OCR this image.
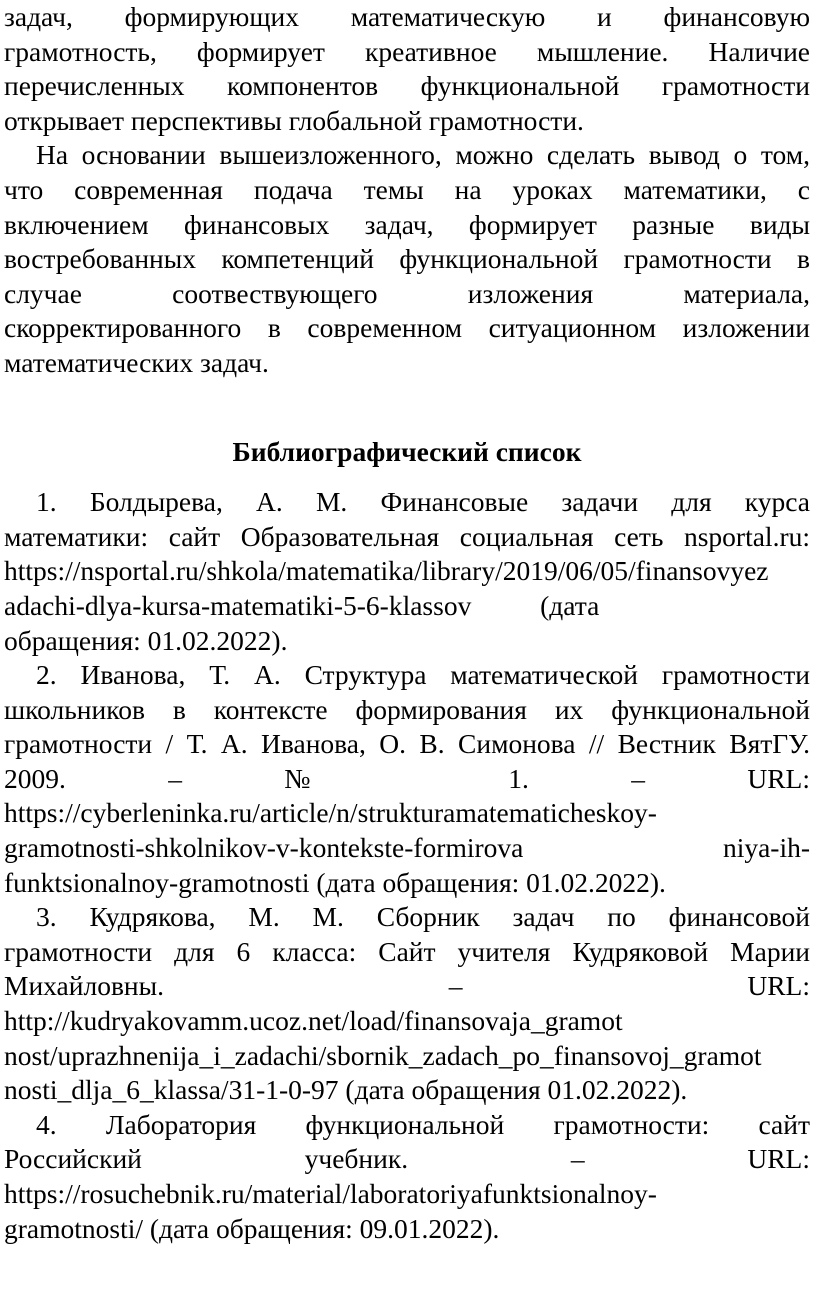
задач, формирующих математическую и финансовую
грамотность, формирует креативное мышление. Наличие
перечисленных компонентов функциональной грамотности
открывает перспективы глобальной грамотности.
На основании вышеизложенного, можно сделать вывод о том,
что современная подача темы на уроках математики, с
включением финансовых задач, формирует разные виды
востребованных компетенций функциональной грамотности в
случае соотвествующего изложения материала,
скорректированного в современном ситуационном изложении
математических задач.
Библиографический список
1. Болдырева, А. М. Финансовые задачи для курса
математики: сайт Образовательная социальная сеть nsportal.ru:
https://nsportal.ru/shkola/matematika/library/2019/06/05/finansovyez
adachi-dlya-kursa-matematiki-5-6-klassov          (дата
обращения: 01.02.2022).
2. Иванова, Т. А. Структура математической грамотности
школьников в контексте формирования их функциональной
грамотности / Т. А. Иванова, О. В. Симонова // Вестник ВятГУ.
2009. – № 1. – URL:
https://cyberleninka.ru/article/n/strukturamatematicheskoy-
gramotnosti-shkolnikov-v-kontekste-formirova niya-ih-
funktsionalnoy-gramotnosti (дата обращения: 01.02.2022).
3. Кудрякова, М. М. Сборник задач по финансовой
грамотности для 6 класса: Сайт учителя Кудряковой Марии
Михайловны. – URL:
http://kudryakovamm.ucoz.net/load/finansovaja_gramot
nost/uprazhnenija_i_zadachi/sbornik_zadach_po_finansovoj_gramot
nosti_dlja_6_klassa/31-1-0-97 (дата обращения 01.02.2022).
4. Лаборатория функциональной грамотности: сайт
Российский учебник. – URL:
https://rosuchebnik.ru/material/laboratoriyafunktsionalnoy-
gramotnosti/ (дата обращения: 09.01.2022).
